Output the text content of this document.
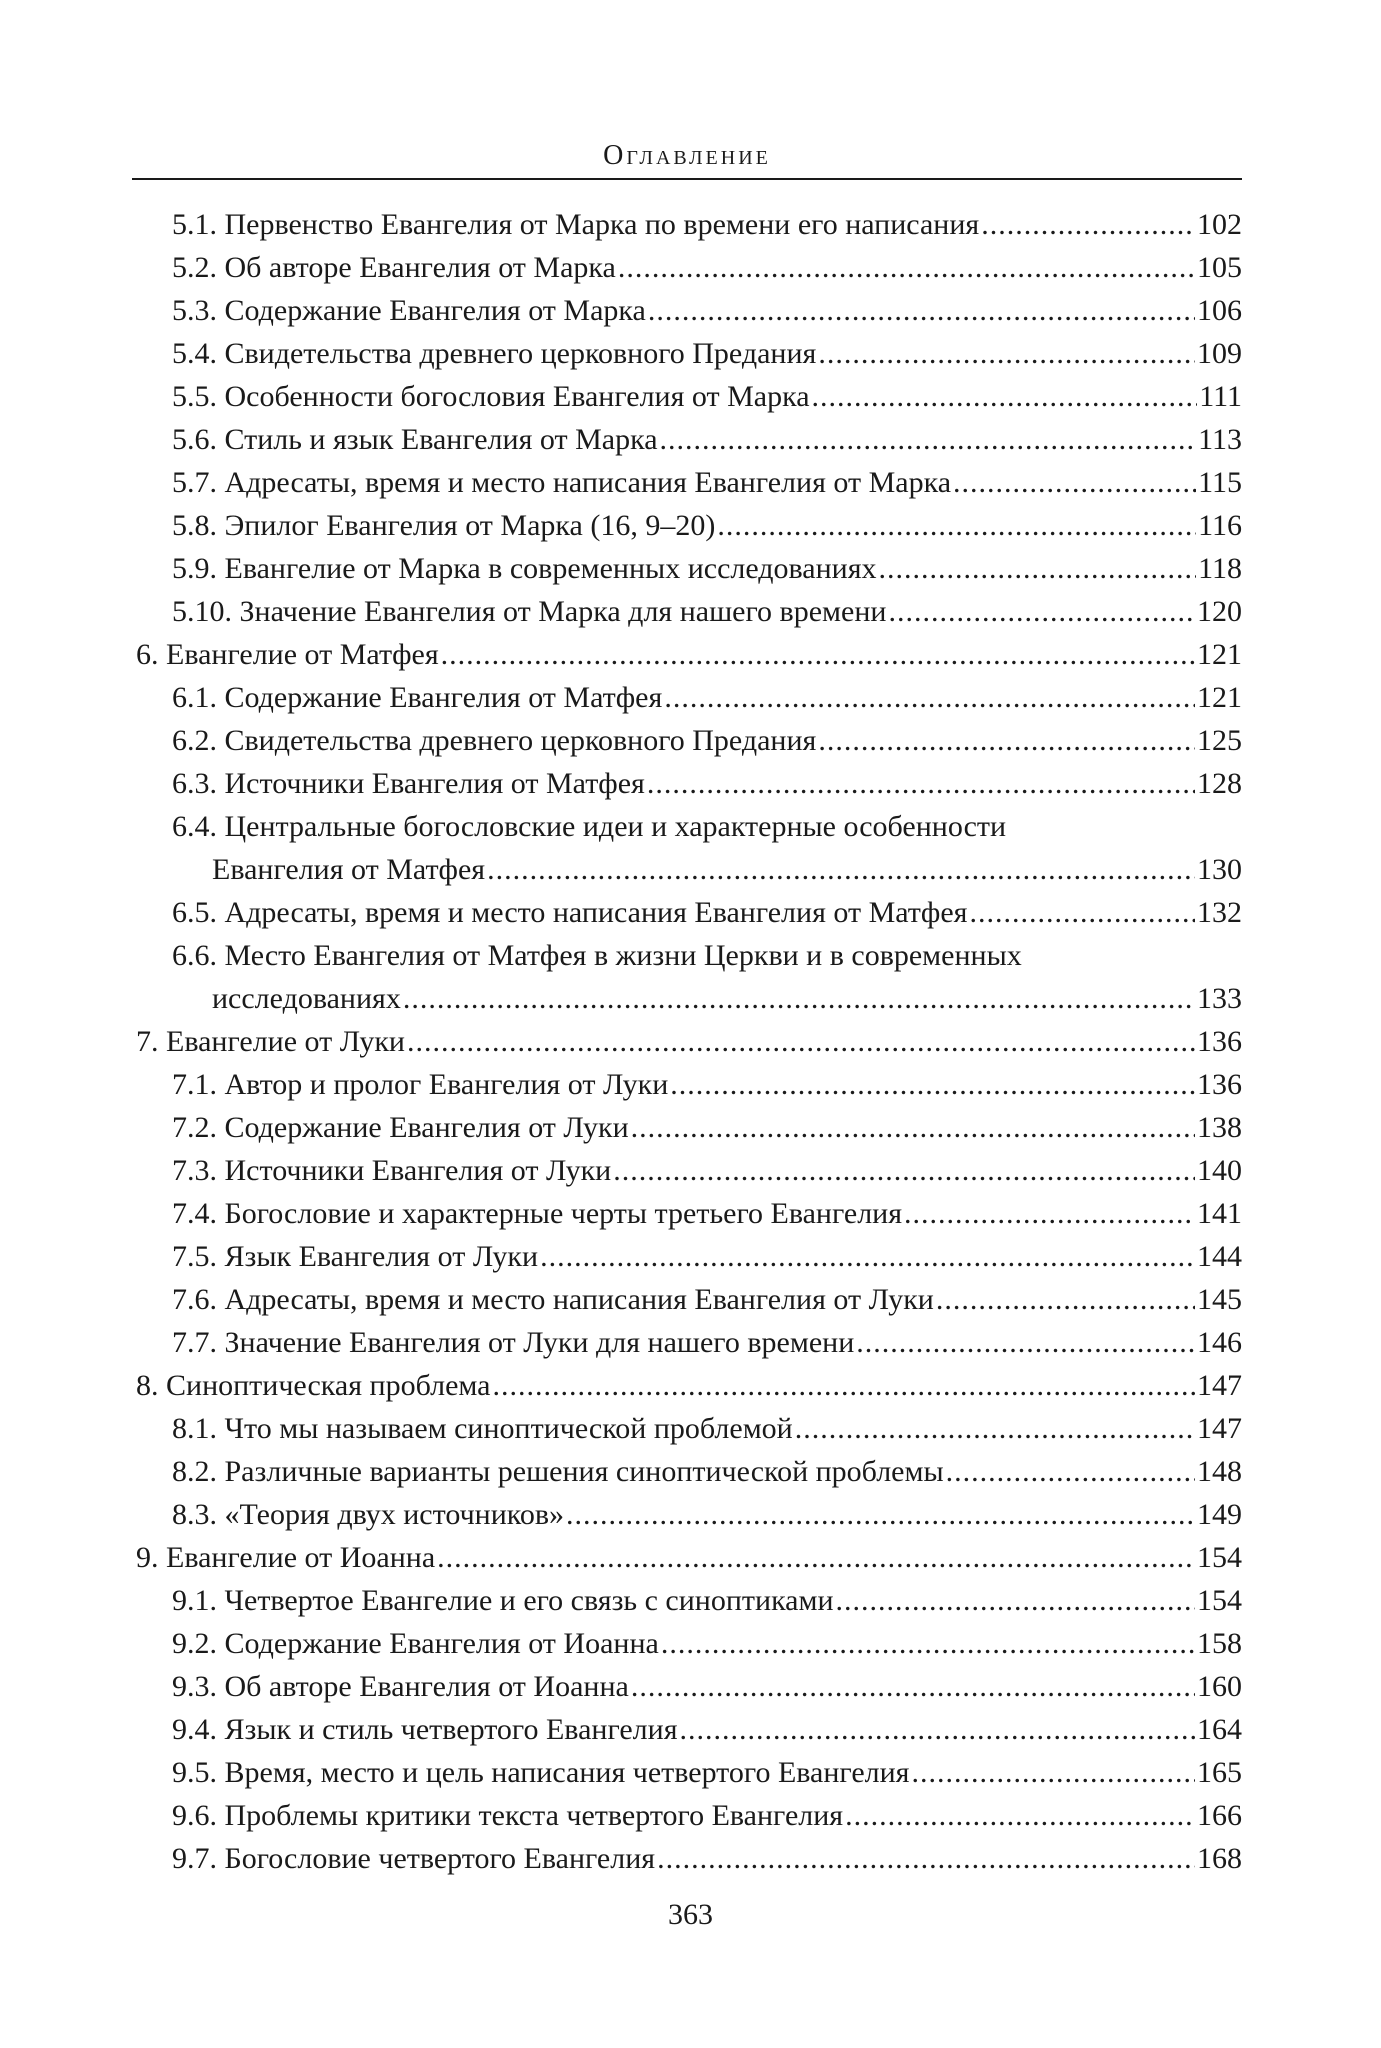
Оглавление
5.1. Первенство Евангелия от Марка по времени его написания .....	102
5.2. Об авторе Евангелия от Марка .....	105
5.3. Содержание Евангелия от Марка .....	106
5.4. Свидетельства древнего церковного Предания .....	109
5.5. Особенности богословия Евангелия от Марка .....	111
5.6. Стиль и язык Евангелия от Марка .....	113
5.7. Адресаты, время и место написания Евангелия от Марка .....	115
5.8. Эпилог Евангелия от Марка (16, 9–20) .....	116
5.9. Евангелие от Марка в современных исследованиях .....	118
5.10. Значение Евангелия от Марка для нашего времени .....	120
6. Евангелие от Матфея .....	121
6.1. Содержание Евангелия от Матфея .....	121
6.2. Свидетельства древнего церковного Предания .....	125
6.3. Источники Евангелия от Матфея .....	128
6.4. Центральные богословские идеи и характерные особенности
Евангелия от Матфея .....	130
6.5. Адресаты, время и место написания Евангелия от Матфея .....	132
6.6. Место Евангелия от Матфея в жизни Церкви и в современных
исследованиях .....	133
7. Евангелие от Луки .....	136
7.1. Автор и пролог Евангелия от Луки .....	136
7.2. Содержание Евангелия от Луки .....	138
7.3. Источники Евангелия от Луки .....	140
7.4. Богословие и характерные черты третьего Евангелия .....	141
7.5. Язык Евангелия от Луки .....	144
7.6. Адресаты, время и место написания Евангелия от Луки .....	145
7.7. Значение Евангелия от Луки для нашего времени .....	146
8. Синоптическая проблема .....	147
8.1. Что мы называем синоптической проблемой .....	147
8.2. Различные варианты решения синоптической проблемы .....	148
8.3. «Теория двух источников» .....	149
9. Евангелие от Иоанна .....	154
9.1. Четвертое Евангелие и его связь с синоптиками .....	154
9.2. Содержание Евангелия от Иоанна .....	158
9.3. Об авторе Евангелия от Иоанна .....	160
9.4. Язык и стиль четвертого Евангелия .....	164
9.5. Время, место и цель написания четвертого Евангелия .....	165
9.6. Проблемы критики текста четвертого Евангелия .....	166
9.7. Богословие четвертого Евангелия .....	168
363
